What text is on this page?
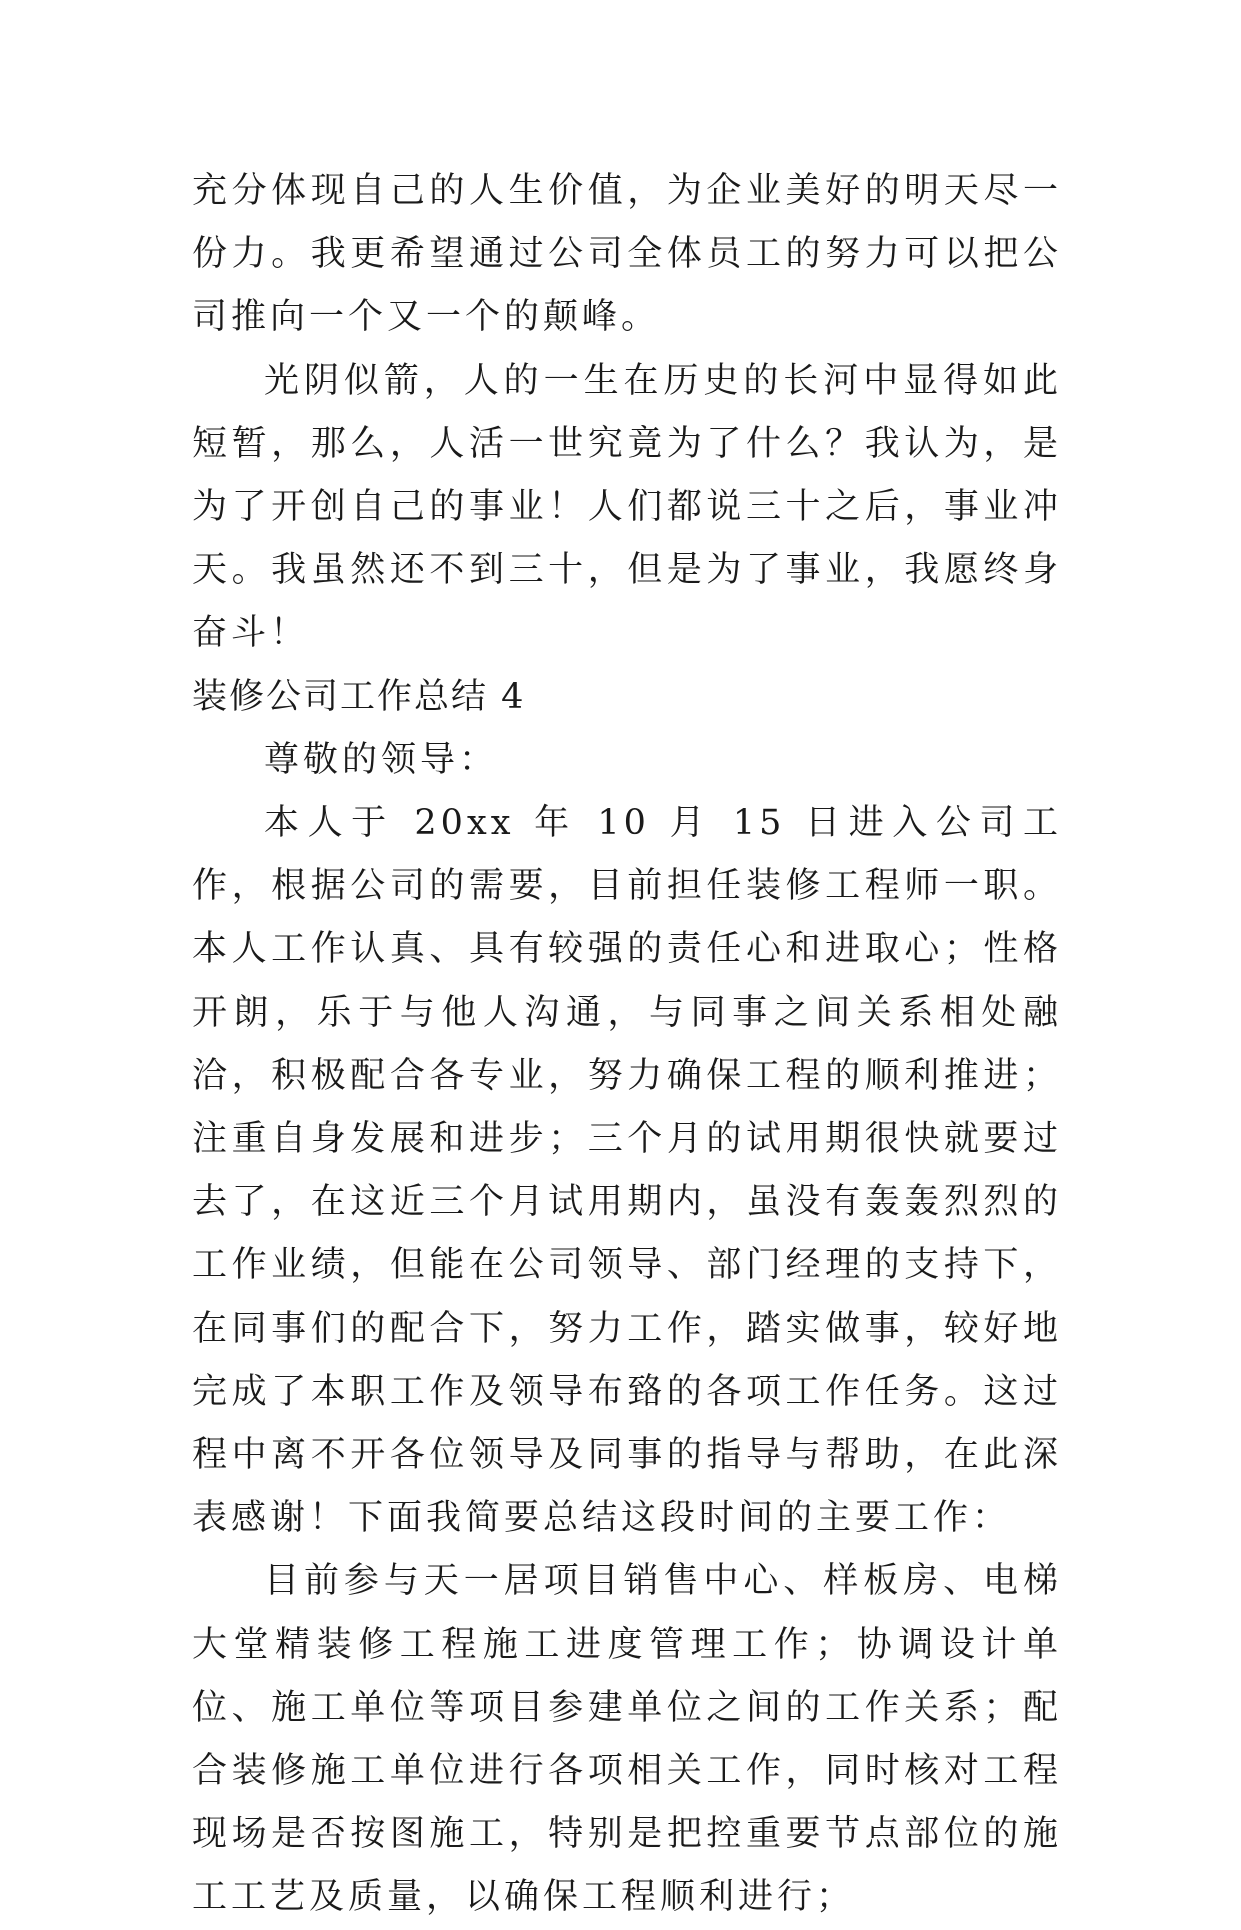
充分体现自己的人生价值，为企业美好的明天尽一份力。我更希望通过公司全体员工的努力可以把公司推向一个又一个的颠峰。

光阴似箭，人的一生在历史的长河中显得如此短暂，那么，人活一世究竟为了什么？我认为，是为了开创自己的事业！人们都说三十之后，事业冲天。我虽然还不到三十，但是为了事业，我愿终身奋斗！

装修公司工作总结 4

尊敬的领导：

本人于 20xx 年 10 月 15 日进入公司工作，根据公司的需要，目前担任装修工程师一职。本人工作认真、具有较强的责任心和进取心；性格开朗，乐于与他人沟通，与同事之间关系相处融洽，积极配合各专业，努力确保工程的顺利推进；注重自身发展和进步；三个月的试用期很快就要过去了，在这近三个月试用期内，虽没有轰轰烈烈的工作业绩，但能在公司领导、部门经理的支持下，在同事们的配合下，努力工作，踏实做事，较好地完成了本职工作及领导布臵的各项工作任务。这过程中离不开各位领导及同事的指导与帮助，在此深表感谢！下面我简要总结这段时间的主要工作：

目前参与天一居项目销售中心、样板房、电梯大堂精装修工程施工进度管理工作；协调设计单位、施工单位等项目参建单位之间的工作关系；配合装修施工单位进行各项相关工作，同时核对工程现场是否按图施工，特别是把控重要节点部位的施工工艺及质量，以确保工程顺利进行；
